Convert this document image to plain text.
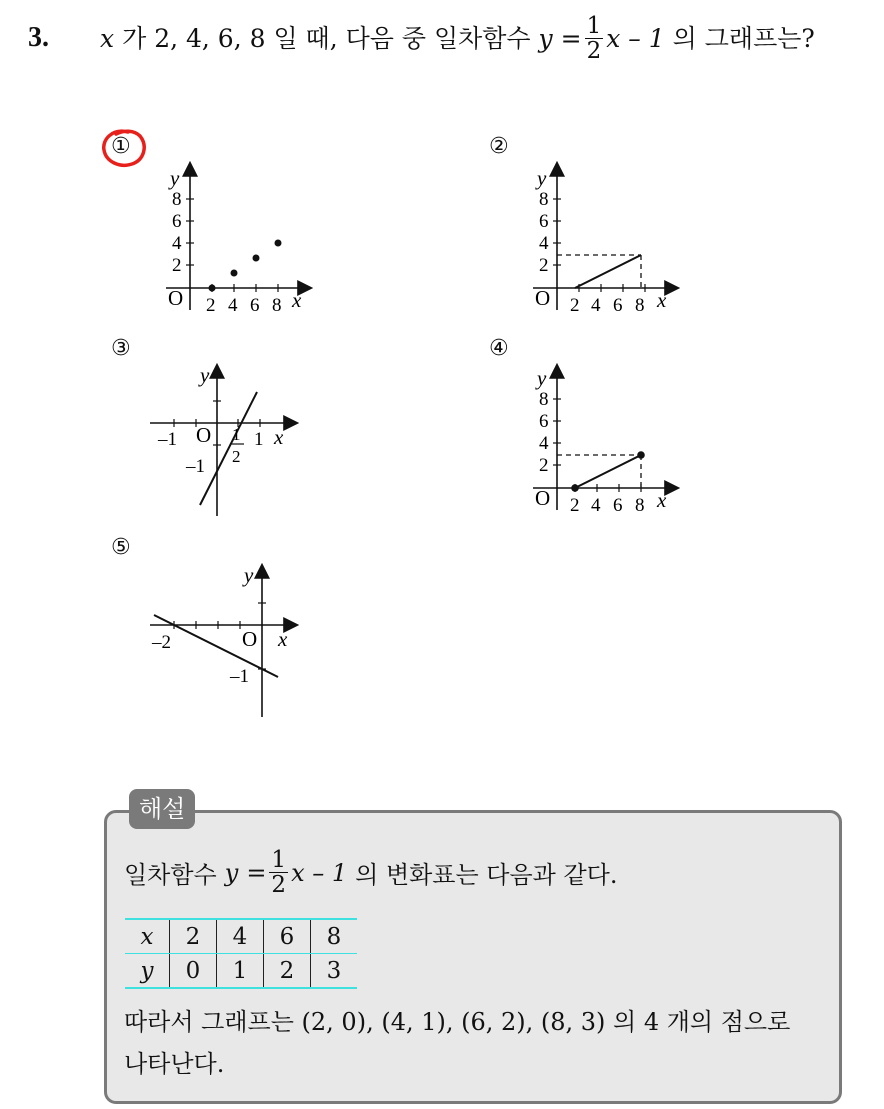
3. x 가 2, 4, 6, 8 일 때, 다음 중 일차함수 $y = \frac{1}{2}$ x – 1 의 그래프는?
①	②
③	④
⑤
y
2
4
6
8
O 2 4 6 8 x
y
2
4
6
8
O 2 4 6 8 x
y
–1 O 1
2
1 x
–1
y
2
4
6
8
O 2 4 6 8 x
y
–2	O x
–1
해설
일차함수 $y = \frac{1}{2}$ x – 1 의 변화표는 다음과 같다.
x	2	4	6	8
y	0	1	2	3
따라서 그래프는 (2, 0), (4, 1), (6, 2), (8, 3) 의 4 개의 점으로
나타난다.
